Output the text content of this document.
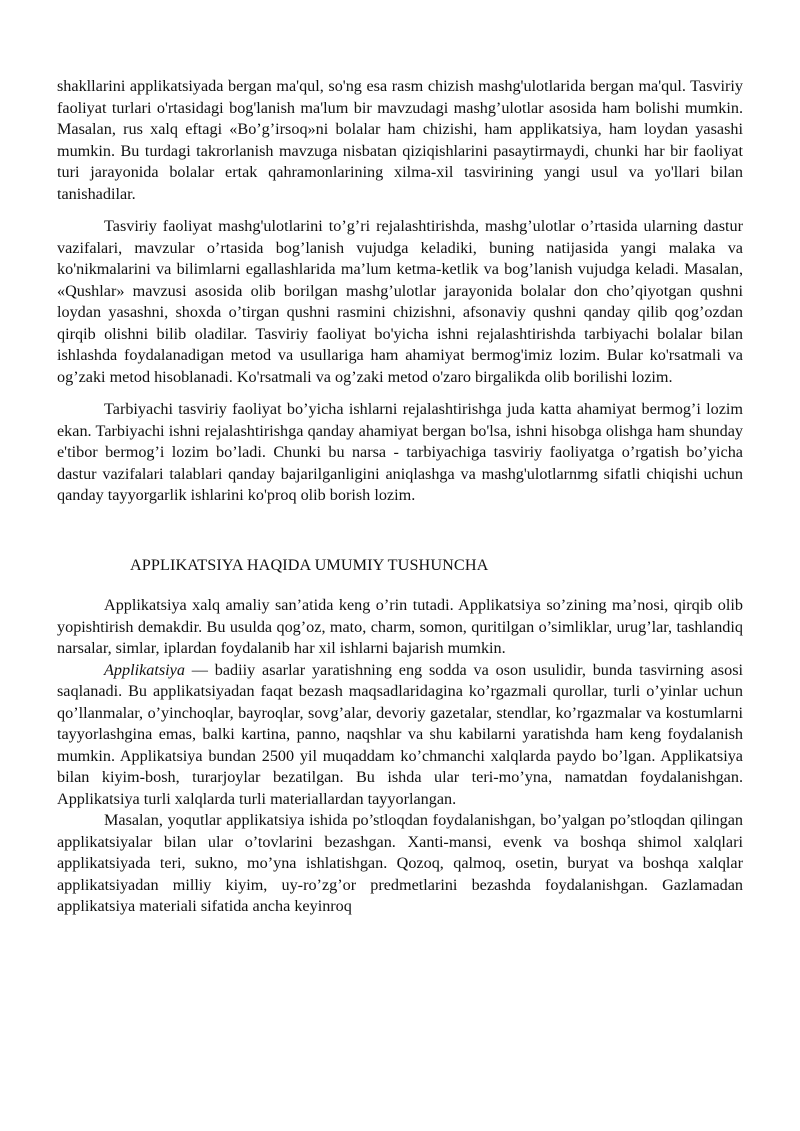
shakllarini applikatsiyada bergan ma'qul, so'ng esa rasm chizish mashg'ulotlarida bergan ma'qul. Tasviriy faoliyat turlari o'rtasidagi bog'lanish ma'lum bir mavzudagi mashg’ulotlar asosida ham bolishi mumkin. Masalan, rus xalq eftagi «Bo’g’irsoq»ni bolalar ham chizishi, ham applikatsiya, ham loydan yasashi mumkin. Bu turdagi takrorlanish mavzuga nisbatan qiziqishlarini pasaytirmaydi, chunki har bir faoliyat turi jarayonida bolalar ertak qahramonlarining xilma-xil tasvirining yangi usul va yo'llari bilan tanishadilar.

Tasviriy faoliyat mashg'ulotlarini to’g’ri rejalashtirishda, mashg’ulotlar o’rtasida ularning dastur vazifalari, mavzular o’rtasida bog’lanish vujudga keladiki, buning natijasida yangi malaka va ko'nikmalarini va bilimlarni egallashlarida ma’lum ketma-ketlik va bog’lanish vujudga keladi. Masalan, «Qushlar» mavzusi asosida olib borilgan mashg’ulotlar jarayonida bolalar don cho’qiyotgan qushni loydan yasashni, shoxda o’tirgan qushni rasmini chizishni, afsonaviy qushni qanday qilib qog’ozdan qirqib olishni bilib oladilar. Tasviriy faoliyat bo'yicha ishni rejalashtirishda tarbiyachi bolalar bilan ishlashda foydalanadigan metod va usullariga ham ahamiyat bermog'imiz lozim. Bular ko'rsatmali va og’zaki metod hisoblanadi. Ko'rsatmali va og’zaki metod o'zaro birgalikda olib borilishi lozim.

Tarbiyachi tasviriy faoliyat bo’yicha ishlarni rejalashtirishga juda katta ahamiyat bermog’i lozim ekan. Tarbiyachi ishni rejalashtirishga qanday ahamiyat bergan bo'lsa, ishni hisobga olishga ham shunday e'tibor bermog’i lozim bo’ladi. Chunki bu narsa - tarbiyachiga tasviriy faoliyatga o’rgatish bo’yicha dastur vazifalari talablari qanday bajarilganligini aniqlashga va mashg'ulotlarnmg sifatli chiqishi uchun qanday tayyorgarlik ishlarini ko'proq olib borish lozim.

APPLIKATSIYA HAQIDA UMUMIY TUSHUNCHA

Applikatsiya xalq amaliy san’atida keng o’rin tutadi. Applikatsiya so’zining ma’nosi, qirqib olib yopishtirish demakdir. Bu usulda qog’oz, mato, charm, somon, quritilgan o’simliklar, urug’lar, tashlandiq narsalar, simlar, iplardan foydalanib har xil ishlarni bajarish mumkin.

Applikatsiya — badiiy asarlar yaratishning eng sodda va oson usulidir, bunda tasvirning asosi saqlanadi. Bu applikatsiyadan faqat bezash maqsadlaridagina ko’rgazmali qurollar, turli o’yinlar uchun qo’llanmalar, o’yinchoqlar, bayroqlar, sovg’alar, devoriy gazetalar, stendlar, ko’rgazmalar va kostumlarni tayyorlashgina emas, balki kartina, panno, naqshlar va shu kabilarni yaratishda ham keng foydalanish mumkin. Applikatsiya bundan 2500 yil muqaddam ko’chmanchi xalqlarda paydo bo’lgan. Applikatsiya bilan kiyim-bosh, turarjoylar bezatilgan. Bu ishda ular teri-mo’yna, namatdan foydalanishgan. Applikatsiya turli xalqlarda turli materiallardan tayyorlangan.

Masalan, yoqutlar applikatsiya ishida po’stloqdan foydalanishgan, bo’yalgan po’stloqdan qilingan applikatsiyalar bilan ular o’tovlarini bezashgan. Xanti-mansi, evenk va boshqa shimol xalqlari applikatsiyada teri, sukno, mo’yna ishlatishgan. Qozoq, qalmoq, osetin, buryat va boshqa xalqlar applikatsiyadan milliy kiyim, uy-ro’zg’or predmetlarini bezashda foydalanishgan. Gazlamadan applikatsiya materiali sifatida ancha keyinroq
